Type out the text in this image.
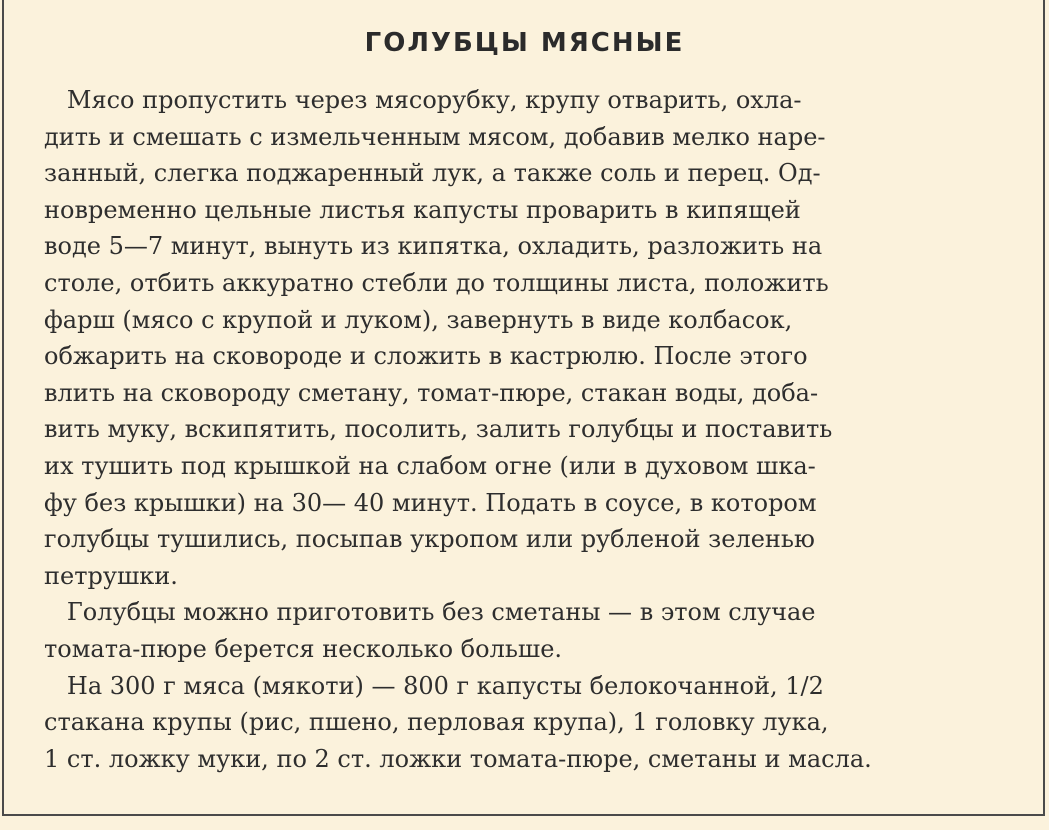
ГОЛУБЦЫ МЯСНЫЕ
Мясо пропустить через мясорубку, крупу отварить, охла-
дить и смешать с измельченным мясом, добавив мелко наре-
занный, слегка поджаренный лук, а также соль и перец. Од-
новременно цельные листья капусты проварить в кипящей
воде 5—7 минут, вынуть из кипятка, охладить, разложить на
столе, отбить аккуратно стебли до толщины листа, положить
фарш (мясо с крупой и луком), завернуть в виде колбасок,
обжарить на сковороде и сложить в кастрюлю. После этого
влить на сковороду сметану, томат-пюре, стакан воды, доба-
вить муку, вскипятить, посолить, залить голубцы и поставить
их тушить под крышкой на слабом огне (или в духовом шка-
фу без крышки) на 30— 40 минут. Подать в соусе, в котором
голубцы тушились, посыпав укропом или рубленой зеленью
петрушки.
Голубцы можно приготовить без сметаны — в этом случае
томата-пюре берется несколько больше.
На 300 г мяса (мякоти) — 800 г капусты белокочанной, 1/2
стакана крупы (рис, пшено, перловая крупа), 1 головку лука,
1 ст. ложку муки, по 2 ст. ложки томата-пюре, сметаны и масла.
